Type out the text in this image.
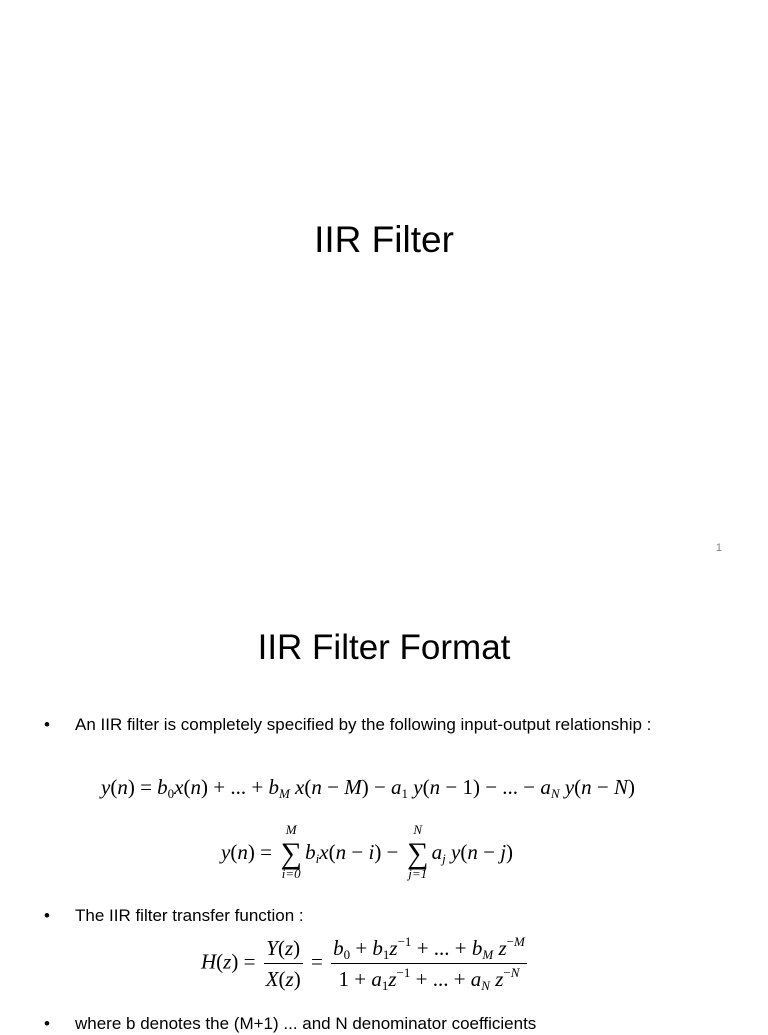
IIR Filter
1
IIR Filter Format
• An IIR filter is completely specified by the following input-output relationship :
$y(n) = b_0x(n)$ + ... + $b_M$ $x(n - M) - a_1$ y(n − 1) − ... − $a_N$ y(n − N)
y(n) =
M
∑
i=0
$b_ix(n - i)$ −
N
∑
j=1
$a_j$ y(n − j)
• The IIR filter transfer function :
$H(z) = \frac{Y(z)}{X(z)} = \frac{b_0 + b_1z^{-1} + ... + b_M z^{-M}}{1 + a_1z^{-1} + ... + a_N z^{-N}}$
• where b denotes the (M+1) ... and N denominator coefficients
